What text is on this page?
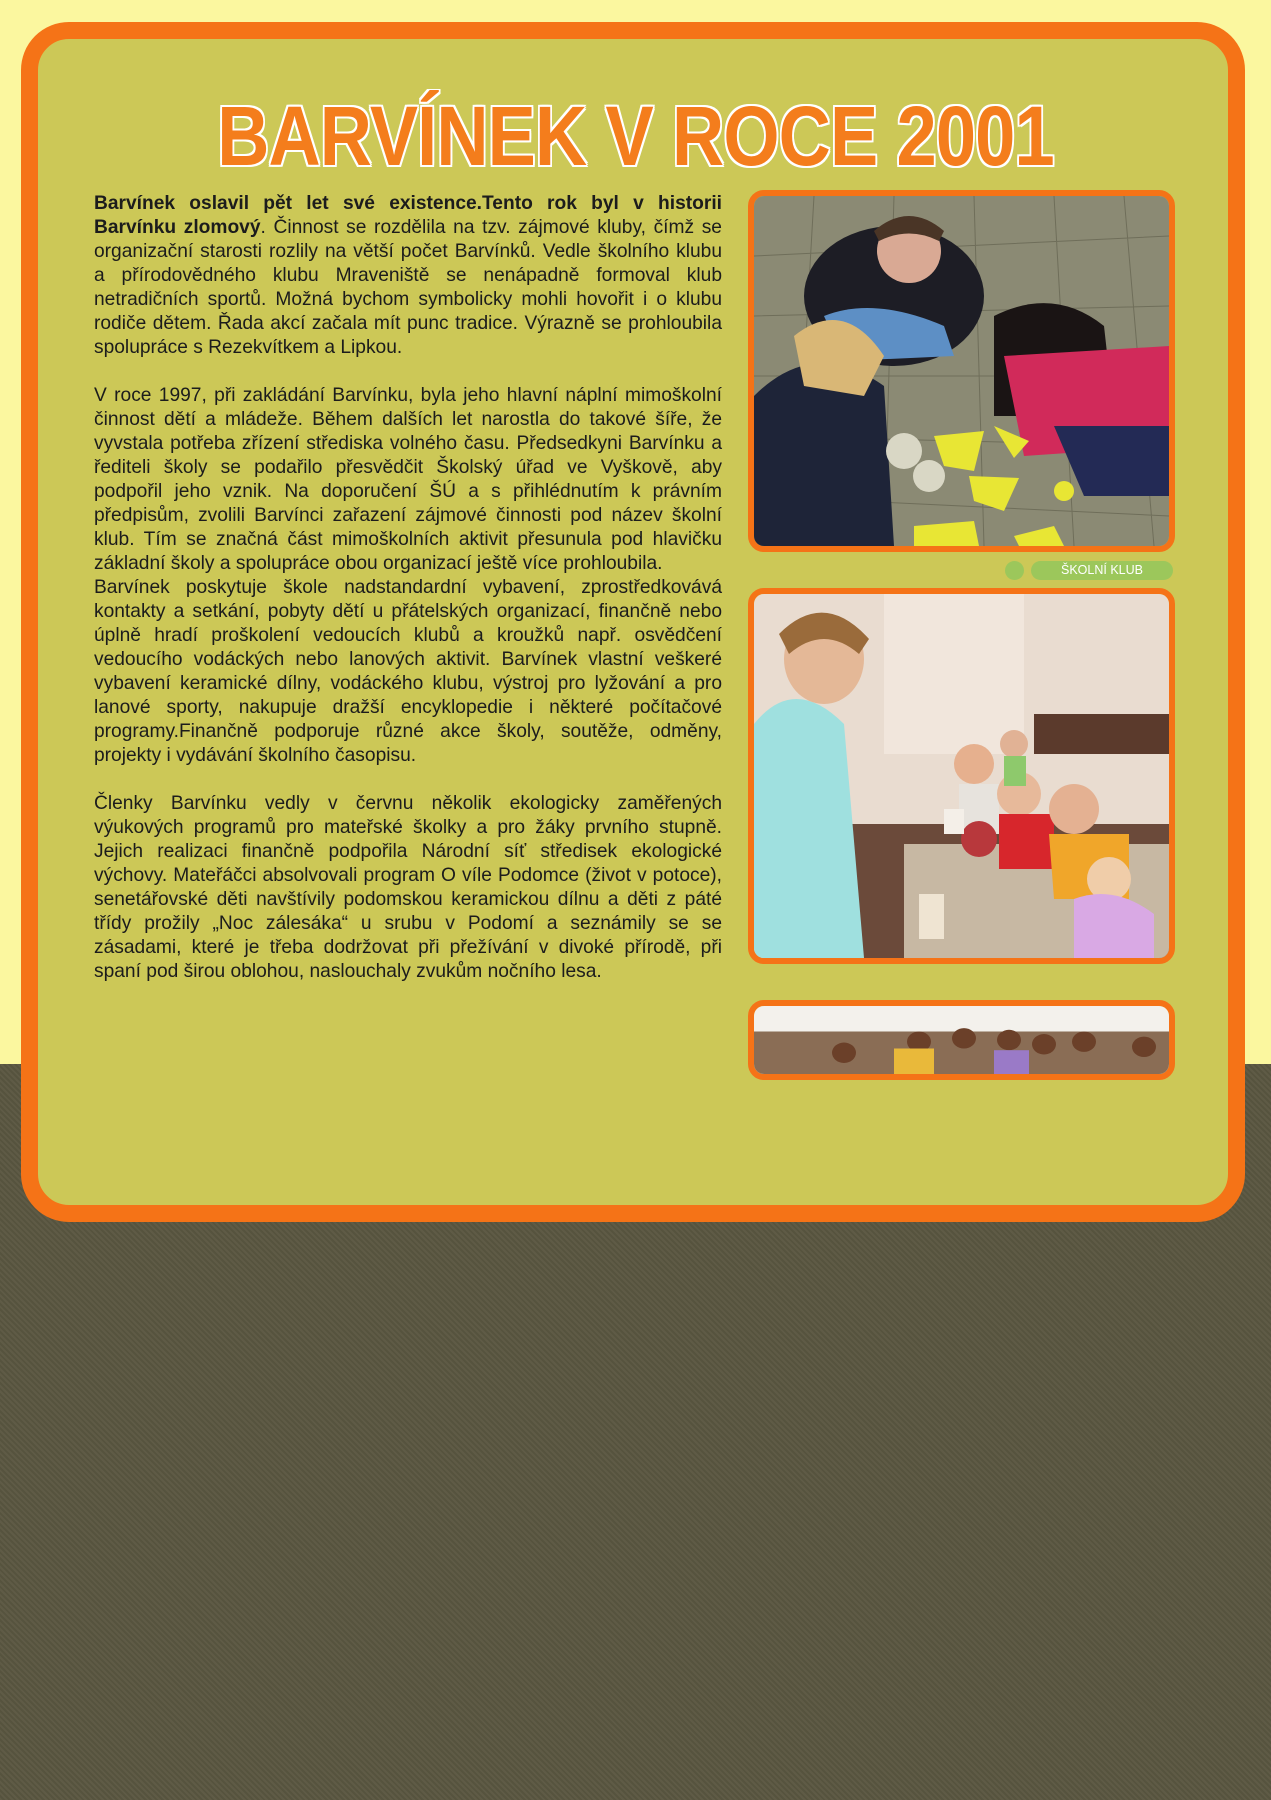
BARVÍNEK V ROCE 2001

Barvínek oslavil pět let své existence.Tento rok byl v historii Barvínku zlomový. Činnost se rozdělila na tzv. zájmové kluby, čímž se organizační starosti rozlily na větší počet Barvínků. Vedle školního klubu a přírodovědného klubu Mraveniště se nenápadně formoval klub netradičních sportů. Možná bychom symbolicky mohli hovořit i o klubu rodiče dětem. Řada akcí začala mít punc tradice. Výrazně se prohloubila spolupráce s Rezekvítkem a Lipkou.

V roce 1997, při zakládání Barvínku, byla jeho hlavní náplní mimoškolní činnost dětí a mládeže. Během dalších let narostla do takové šíře, že vyvstala potřeba zřízení střediska volného času. Předsedkyni Barvínku a řediteli školy se podařilo přesvědčit Školský úřad ve Vyškově, aby podpořil jeho vznik. Na doporučení ŠÚ a s přihlédnutím k právním předpisům, zvolili Barvínci zařazení zájmové činnosti pod název školní klub. Tím se značná část mimoškolních aktivit přesunula pod hlavičku základní školy a spolupráce obou organizací ještě více prohloubila.

Barvínek poskytuje škole nadstandardní vybavení, zprostředkovává kontakty a setkání, pobyty dětí u přátelských organizací, finančně nebo úplně hradí proškolení vedoucích klubů a kroužků např. osvědčení vedoucího vodáckých nebo lanových aktivit. Barvínek vlastní veškeré vybavení keramické dílny, vodáckého klubu, výstroj pro lyžování a pro lanové sporty, nakupuje dražší encyklopedie i některé počítačové programy.Finančně podporuje různé akce školy, soutěže, odměny, projekty i vydávání školního časopisu.

Členky Barvínku vedly v červnu několik ekologicky zaměřených výukových programů pro mateřské školky a pro žáky prvního stupně. Jejich realizaci finančně podpořila Národní síť středisek ekologické výchovy. Mateřáčci absolvovali program O víle Podomce (život v potoce), senetářovské děti navštívily podomskou keramickou dílnu a děti z páté třídy prožily „Noc zálesáka“ u srubu v Podomí a seznámily se se zásadami, které je třeba dodržovat při přežívání v divoké přírodě, při spaní pod širou oblohou, naslouchaly zvukům nočního lesa.

ŠKOLNÍ KLUB
